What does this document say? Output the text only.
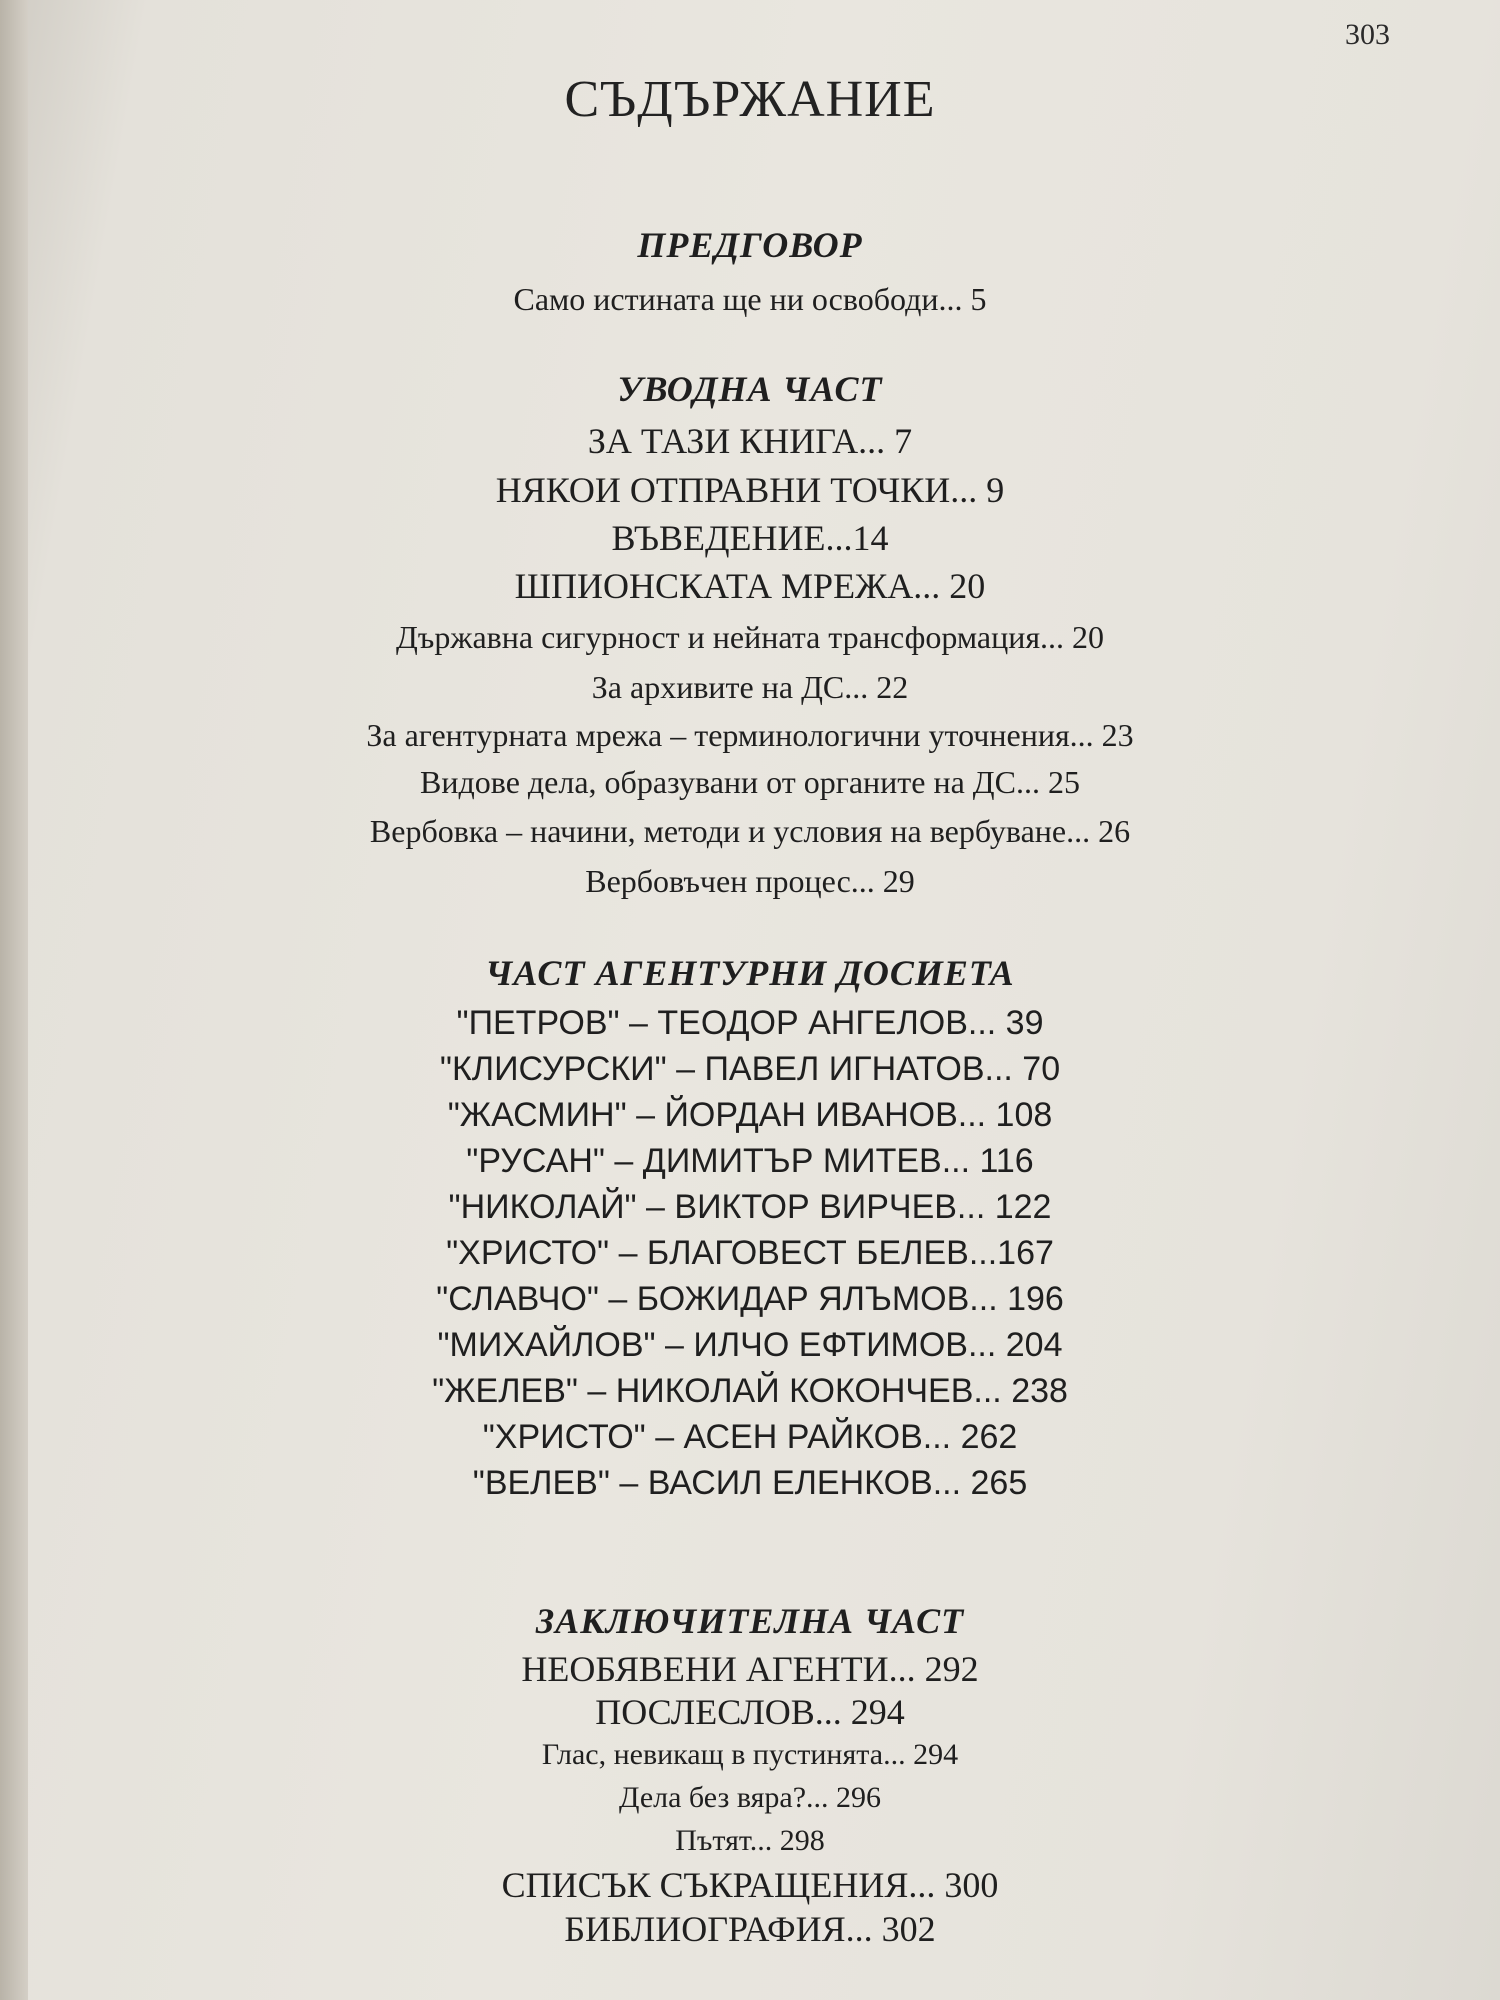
303
СЪДЪРЖАНИЕ
ПРЕДГОВОР
Само истината ще ни освободи... 5
УВОДНА ЧАСТ
ЗА ТАЗИ КНИГА... 7
НЯКОИ ОТПРАВНИ ТОЧКИ... 9
ВЪВЕДЕНИЕ...14
ШПИОНСКАТА МРЕЖА... 20
Държавна сигурност и нейната трансформация... 20
За архивите на ДС... 22
За агентурната мрежа – терминологични уточнения... 23
Видове дела, образувани от органите на ДС... 25
Вербовка – начини, методи и условия на вербуване... 26
Вербовъчен процес... 29
ЧАСТ АГЕНТУРНИ ДОСИЕТА
"ПЕТРОВ" – ТЕОДОР АНГЕЛОВ... 39
"КЛИСУРСКИ" – ПАВЕЛ ИГНАТОВ... 70
"ЖАСМИН" – ЙОРДАН ИВАНОВ... 108
"РУСАН" – ДИМИТЪР МИТЕВ... 116
"НИКОЛАЙ" – ВИКТОР ВИРЧЕВ... 122
"ХРИСТО" – БЛАГОВЕСТ БЕЛЕВ...167
"СЛАВЧО" – БОЖИДАР ЯЛЪМОВ... 196
"МИХАЙЛОВ" – ИЛЧО ЕФТИМОВ... 204
"ЖЕЛЕВ" – НИКОЛАЙ КОКОНЧЕВ... 238
"ХРИСТО" – АСЕН РАЙКОВ... 262
"ВЕЛЕВ" – ВАСИЛ ЕЛЕНКОВ... 265
ЗАКЛЮЧИТЕЛНА ЧАСТ
НЕОБЯВЕНИ АГЕНТИ... 292
ПОСЛЕСЛОВ... 294
Глас, невикащ в пустинята... 294
Дела без вяра?... 296
Пътят... 298
СПИСЪК СЪКРАЩЕНИЯ... 300
БИБЛИОГРАФИЯ... 302
